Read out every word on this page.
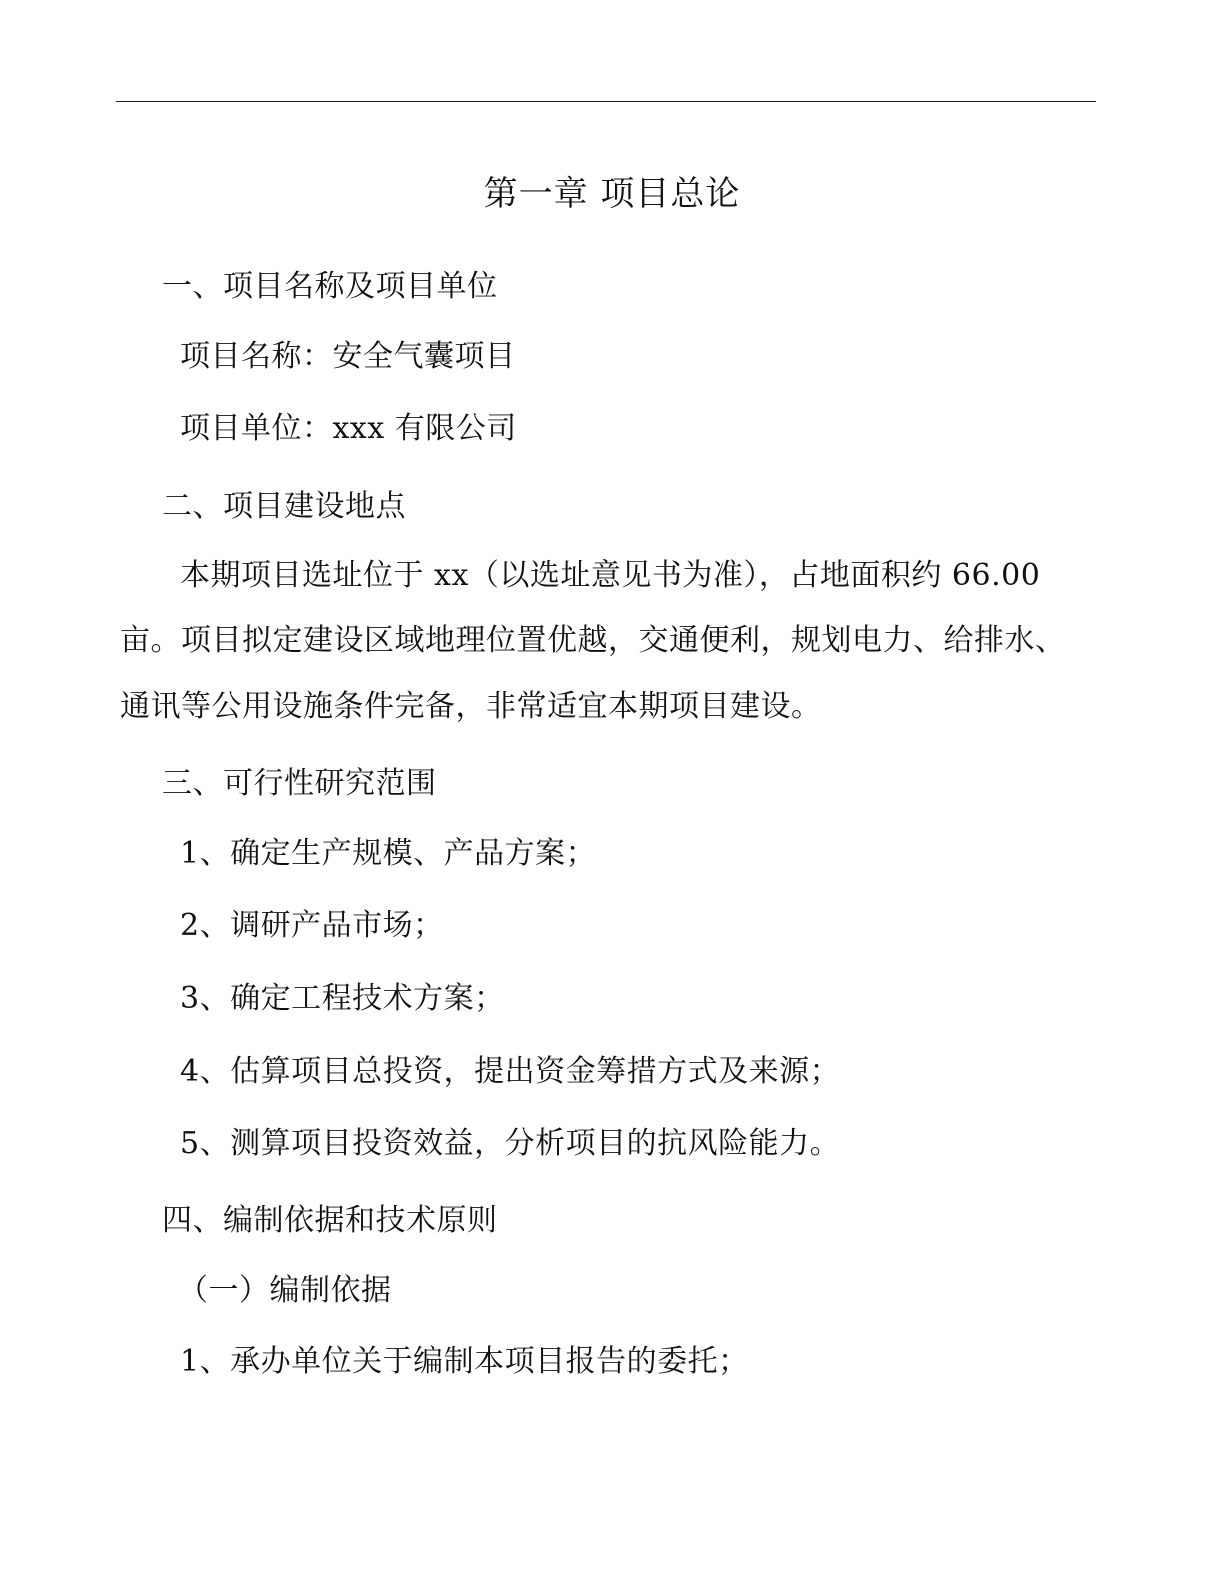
第一章 项目总论
一、项目名称及项目单位
项目名称：安全气囊项目
项目单位：xxx 有限公司
二、项目建设地点
本期项目选址位于 xx（以选址意见书为准），占地面积约 66.00
亩。项目拟定建设区域地理位置优越，交通便利，规划电力、给排水、
通讯等公用设施条件完备，非常适宜本期项目建设。
三、可行性研究范围
1、确定生产规模、产品方案；
2、调研产品市场；
3、确定工程技术方案；
4、估算项目总投资，提出资金筹措方式及来源；
5、测算项目投资效益，分析项目的抗风险能力。
四、编制依据和技术原则
（一）编制依据
1、承办单位关于编制本项目报告的委托；
